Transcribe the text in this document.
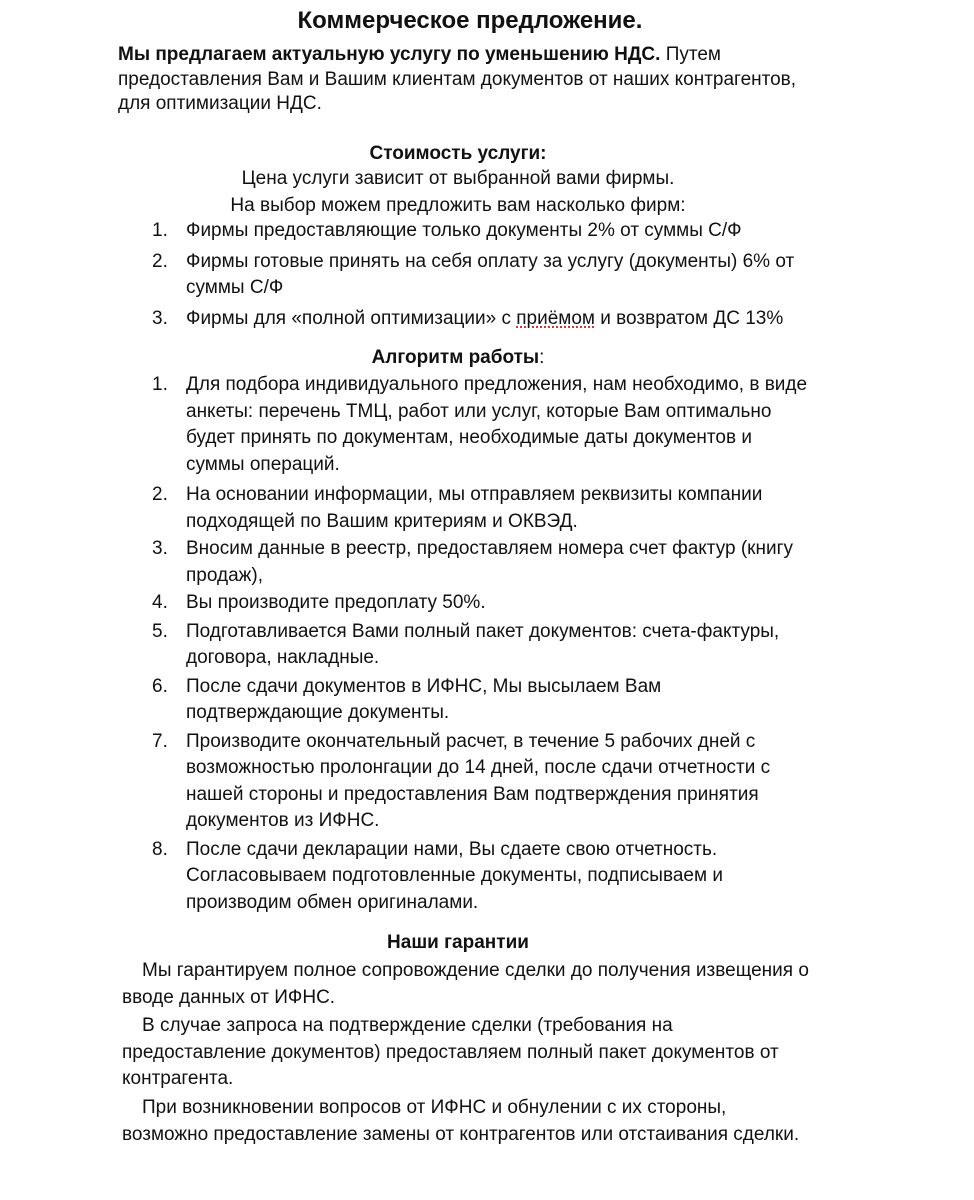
Коммерческое предложение.
Мы предлагаем актуальную услугу по уменьшению НДС. Путем предоставления Вам и Вашим клиентам документов от наших контрагентов, для оптимизации НДС.
Стоимость услуги:
Цена услуги зависит от выбранной вами фирмы.
На выбор можем предложить вам насколько фирм:
1. Фирмы предоставляющие только документы 2% от суммы С/Ф
2. Фирмы готовые принять на себя оплату за услугу (документы) 6% от суммы С/Ф
3. Фирмы для «полной оптимизации» с приёмом и возвратом ДС 13%
Алгоритм работы:
1. Для подбора индивидуального предложения, нам необходимо, в виде анкеты: перечень ТМЦ, работ или услуг, которые Вам оптимально будет принять по документам, необходимые даты документов и суммы операций.
2. На основании информации, мы отправляем реквизиты компании подходящей по Вашим критериям и ОКВЭД.
3. Вносим данные в реестр, предоставляем номера счет фактур (книгу продаж),
4. Вы производите предоплату 50%.
5. Подготавливается Вами полный пакет документов: счета-фактуры, договора, накладные.
6. После сдачи документов в ИФНС, Мы высылаем Вам подтверждающие документы.
7. Производите окончательный расчет, в течение 5 рабочих дней с возможностью пролонгации до 14 дней, после сдачи отчетности с нашей стороны и предоставления Вам подтверждения принятия документов из ИФНС.
8. После сдачи декларации нами, Вы сдаете свою отчетность. Согласовываем подготовленные документы, подписываем и производим обмен оригиналами.
Наши гарантии
Мы гарантируем полное сопровождение сделки до получения извещения о вводе данных от ИФНС.
В случае запроса на подтверждение сделки (требования на предоставление документов) предоставляем полный пакет документов от контрагента.
При возникновении вопросов от ИФНС и обнулении с их стороны, возможно предоставление замены от контрагентов или отстаивания сделки.
